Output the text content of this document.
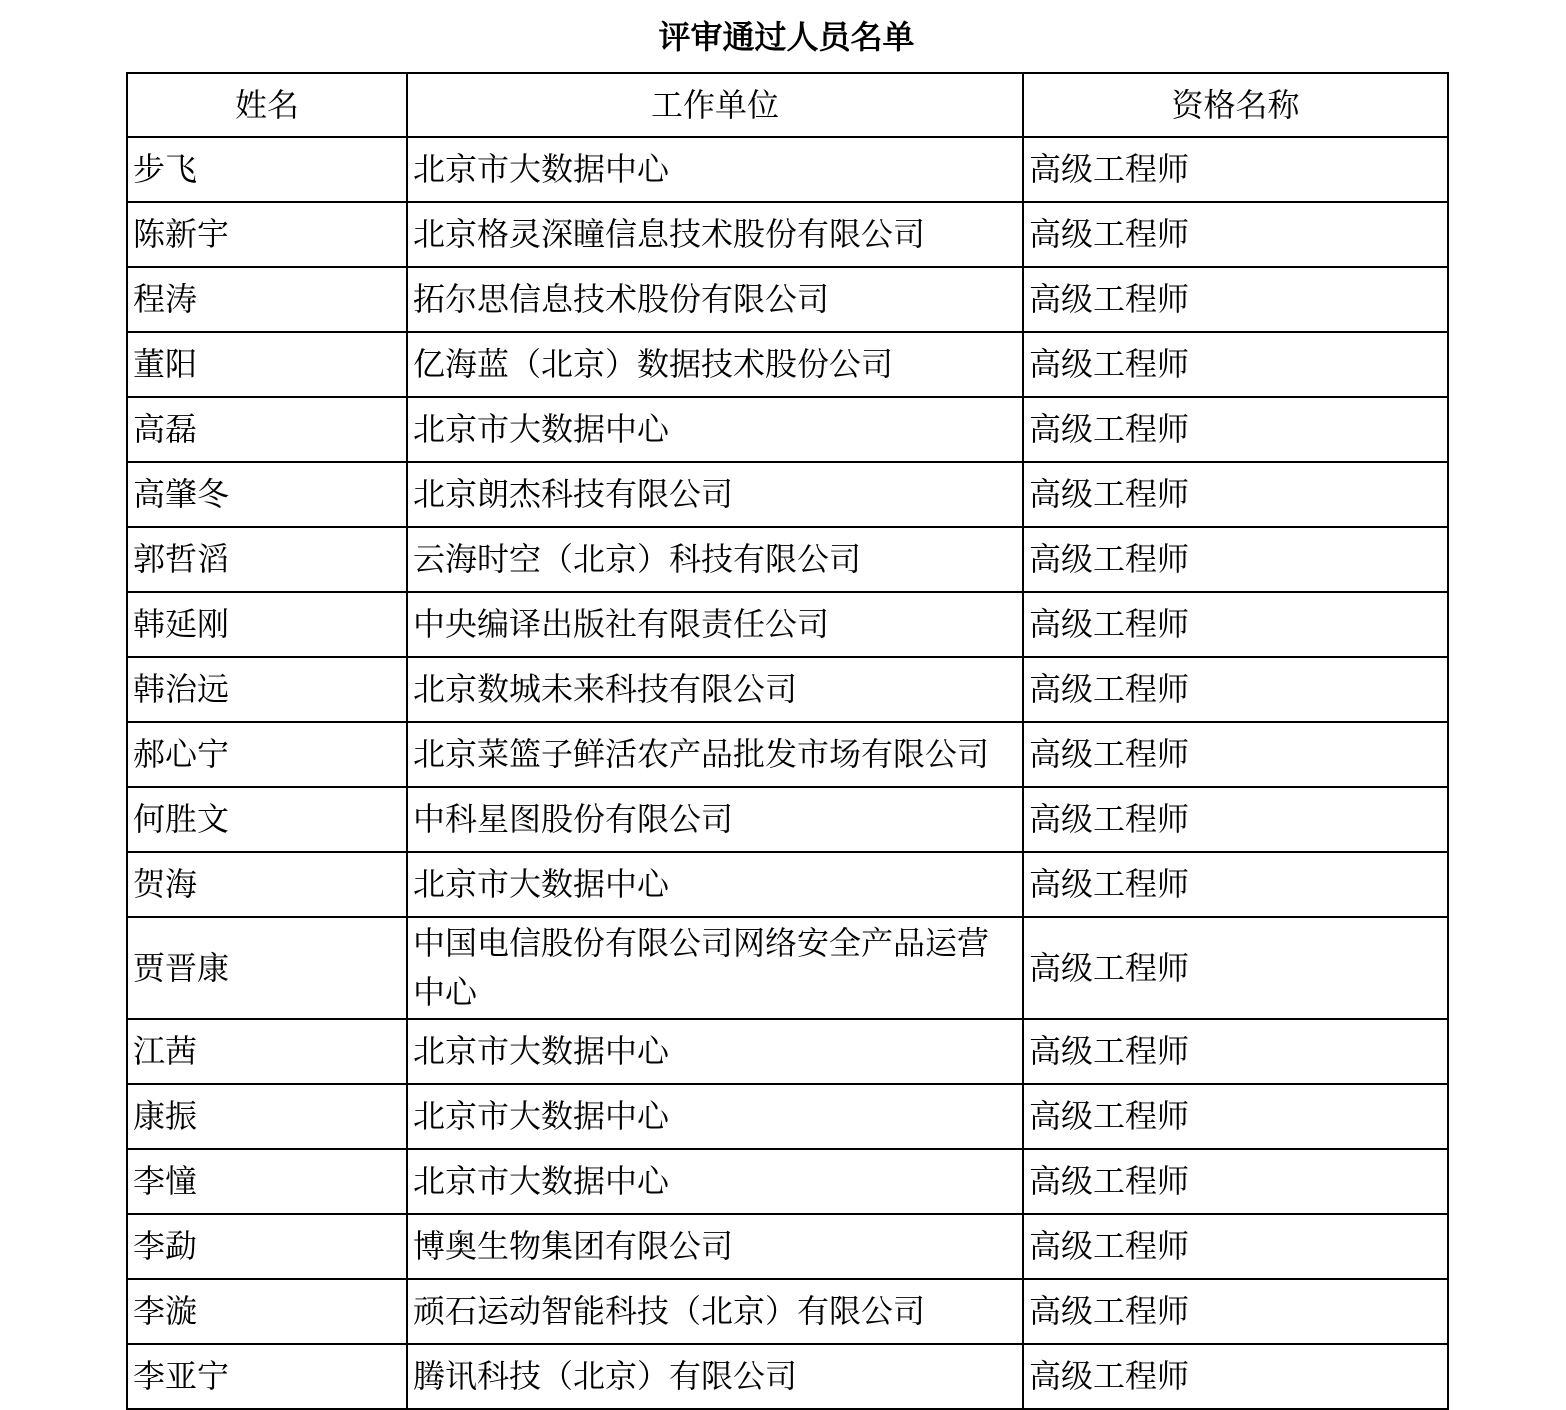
评审通过人员名单
姓名	工作单位	资格名称
步飞	北京市大数据中心	高级工程师
陈新宇	北京格灵深瞳信息技术股份有限公司	高级工程师
程涛	拓尔思信息技术股份有限公司	高级工程师
董阳	亿海蓝（北京）数据技术股份公司	高级工程师
高磊	北京市大数据中心	高级工程师
高肇冬	北京朗杰科技有限公司	高级工程师
郭哲滔	云海时空（北京）科技有限公司	高级工程师
韩延刚	中央编译出版社有限责任公司	高级工程师
韩治远	北京数城未来科技有限公司	高级工程师
郝心宁	北京菜篮子鲜活农产品批发市场有限公司	高级工程师
何胜文	中科星图股份有限公司	高级工程师
贺海	北京市大数据中心	高级工程师
贾晋康	中国电信股份有限公司网络安全产品运营中心	高级工程师
江茜	北京市大数据中心	高级工程师
康振	北京市大数据中心	高级工程师
李憧	北京市大数据中心	高级工程师
李勐	博奥生物集团有限公司	高级工程师
李漩	顽石运动智能科技（北京）有限公司	高级工程师
李亚宁	腾讯科技（北京）有限公司	高级工程师
